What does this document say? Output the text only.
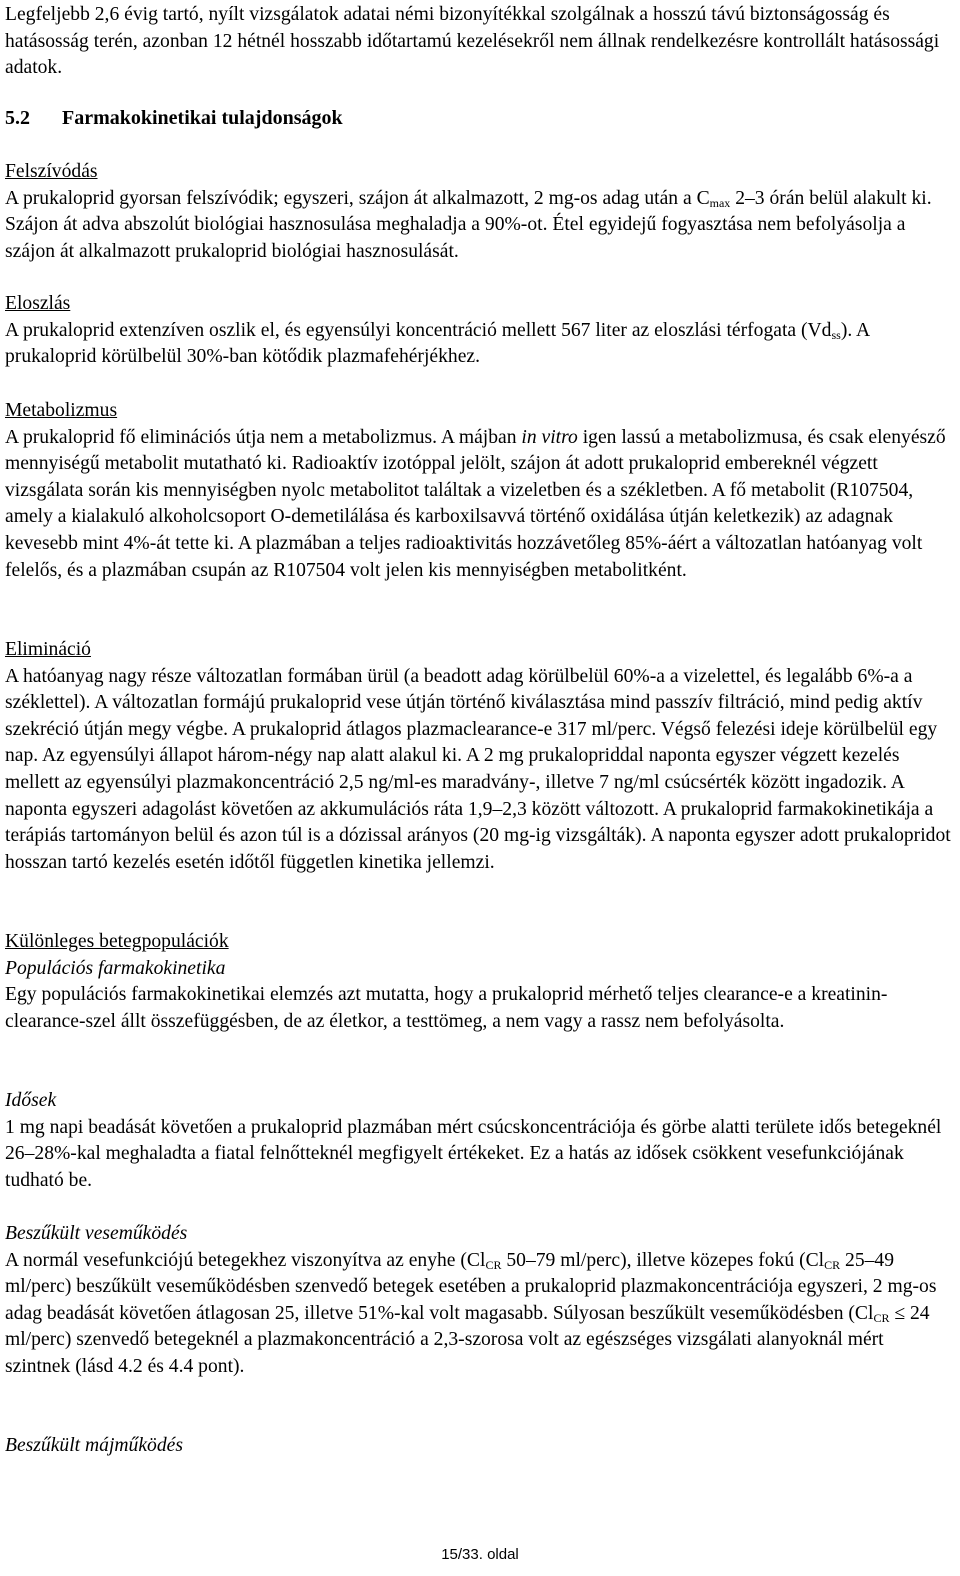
Legfeljebb 2,6 évig tartó, nyílt vizsgálatok adatai némi bizonyítékkal szolgálnak a hosszú távú biztonságosság és hatásosság terén, azonban 12 hétnél hosszabb időtartamú kezelésekről nem állnak rendelkezésre kontrollált hatásossági adatok.

5.2	Farmakokinetikai tulajdonságok

Felszívódás

A prukaloprid gyorsan felszívódik; egyszeri, szájon át alkalmazott, 2 mg-os adag után a $C_{max}$ 2–3 órán belül alakult ki. Szájon át adva abszolút biológiai hasznosulása meghaladja a 90%-ot. Étel egyidejű fogyasztása nem befolyásolja a szájon át alkalmazott prukaloprid biológiai hasznosulását.

Eloszlás

A prukaloprid extenzíven oszlik el, és egyensúlyi koncentráció mellett 567 liter az eloszlási térfogata $(Vd_{ss})$. A prukaloprid körülbelül 30%-ban kötődik plazmafehérjékhez.

Metabolizmus

A prukaloprid fő eliminációs útja nem a metabolizmus. A májban in vitro igen lassú a metabolizmusa, és csak elenyésző mennyiségű metabolit mutatható ki. Radioaktív izotóppal jelölt, szájon át adott prukaloprid embereknél végzett vizsgálata során kis mennyiségben nyolc metabolitot találtak a vizeletben és a székletben. A fő metabolit (R107504, amely a kialakuló alkoholcsoport O-demetilálása és karboxilsavvá történő oxidálása útján keletkezik) az adagnak kevesebb mint 4%-át tette ki. A plazmában a teljes radioaktivitás hozzávetőleg 85%-áért a változatlan hatóanyag volt felelős, és a plazmában csupán az R107504 volt jelen kis mennyiségben metabolitként.

Elimináció

A hatóanyag nagy része változatlan formában ürül (a beadott adag körülbelül 60%-a a vizelettel, és legalább 6%-a a széklettel). A változatlan formájú prukaloprid vese útján történő kiválasztása mind passzív filtráció, mind pedig aktív szekréció útján megy végbe. A prukaloprid átlagos plazmaclearance-e 317 ml/perc. Végső felezési ideje körülbelül egy nap. Az egyensúlyi állapot három-négy nap alatt alakul ki. A 2 mg prukalopriddal naponta egyszer végzett kezelés mellett az egyensúlyi plazmakoncentráció 2,5 ng/ml-es maradvány-, illetve 7 ng/ml csúcsérték között ingadozik. A naponta egyszeri adagolást követően az akkumulációs ráta 1,9–2,3 között változott. A prukaloprid farmakokinetikája a terápiás tartományon belül és azon túl is a dózissal arányos (20 mg-ig vizsgálták). A naponta egyszer adott prukalopridot hosszan tartó kezelés esetén időtől független kinetika jellemzi.

Különleges betegpopulációk

Populációs farmakokinetika

Egy populációs farmakokinetikai elemzés azt mutatta, hogy a prukaloprid mérhető teljes clearance-e a kreatinin-clearance-szel állt összefüggésben, de az életkor, a testtömeg, a nem vagy a rassz nem befolyásolta.

Idősek

1 mg napi beadását követően a prukaloprid plazmában mért csúcskoncentrációja és görbe alatti területe idős betegeknél 26–28%-kal meghaladta a fiatal felnőtteknél megfigyelt értékeket. Ez a hatás az idősek csökkent vesefunkciójának tudható be.

Beszűkült veseműködés

A normál vesefunkciójú betegekhez viszonyítva az enyhe ($Cl_{CR}$ 50–79 ml/perc), illetve közepes fokú ($Cl_{CR}$ 25–49 ml/perc) beszűkült veseműködésben szenvedő betegek esetében a prukaloprid plazmakoncentrációja egyszeri, 2 mg-os adag beadását követően átlagosan 25, illetve 51%-kal volt magasabb. Súlyosan beszűkült veseműködésben ($Cl_{CR} \le 24$ ml/perc) szenvedő betegeknél a plazmakoncentráció a 2,3-szorosa volt az egészséges vizsgálati alanyoknál mért szintnek (lásd 4.2 és 4.4 pont).

Beszűkült májműködés

15/33. oldal
